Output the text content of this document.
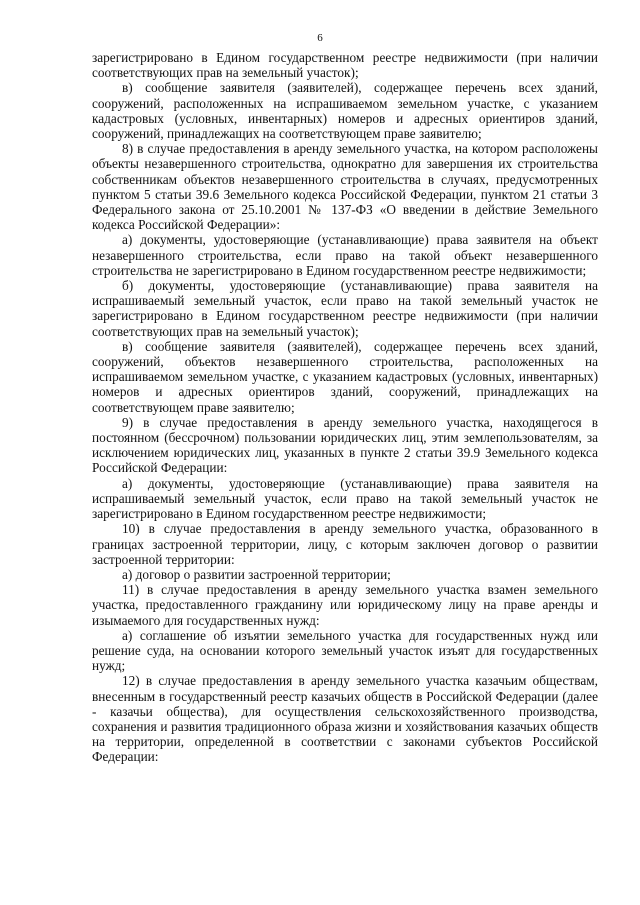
6

зарегистрировано в Едином государственном реестре недвижимости (при наличии соответствующих прав на земельный участок);

в) сообщение заявителя (заявителей), содержащее перечень всех зданий, сооружений, расположенных на испрашиваемом земельном участке, с указанием кадастровых (условных, инвентарных) номеров и адресных ориентиров зданий, сооружений, принадлежащих на соответствующем праве заявителю;

8) в случае предоставления в аренду земельного участка, на котором расположены объекты незавершенного строительства, однократно для завершения их строительства собственникам объектов незавершенного строительства в случаях, предусмотренных пунктом 5 статьи 39.6 Земельного кодекса Российской Федерации, пунктом 21 статьи 3 Федерального закона от 25.10.2001 № 137-ФЗ «О введении в действие Земельного кодекса Российской Федерации»:

а) документы, удостоверяющие (устанавливающие) права заявителя на объект незавершенного строительства, если право на такой объект незавершенного строительства не зарегистрировано в Едином государственном реестре недвижимости;

б) документы, удостоверяющие (устанавливающие) права заявителя на испрашиваемый земельный участок, если право на такой земельный участок не зарегистрировано в Едином государственном реестре недвижимости (при наличии соответствующих прав на земельный участок);

в) сообщение заявителя (заявителей), содержащее перечень всех зданий, сооружений, объектов незавершенного строительства, расположенных на испрашиваемом земельном участке, с указанием кадастровых (условных, инвентарных) номеров и адресных ориентиров зданий, сооружений, принадлежащих на соответствующем праве заявителю;

9) в случае предоставления в аренду земельного участка, находящегося в постоянном (бессрочном) пользовании юридических лиц, этим землепользователям, за исключением юридических лиц, указанных в пункте 2 статьи 39.9 Земельного кодекса Российской Федерации:

а) документы, удостоверяющие (устанавливающие) права заявителя на испрашиваемый земельный участок, если право на такой земельный участок не зарегистрировано в Едином государственном реестре недвижимости;

10) в случае предоставления в аренду земельного участка, образованного в границах застроенной территории, лицу, с которым заключен договор о развитии застроенной территории:

а) договор о развитии застроенной территории;

11) в случае предоставления в аренду земельного участка взамен земельного участка, предоставленного гражданину или юридическому лицу на праве аренды и изымаемого для государственных нужд:

а) соглашение об изъятии земельного участка для государственных нужд или решение суда, на основании которого земельный участок изъят для государственных нужд;

12) в случае предоставления в аренду земельного участка казачьим обществам, внесенным в государственный реестр казачьих обществ в Российской Федерации (далее - казачьи общества), для осуществления сельскохозяйственного производства, сохранения и развития традиционного образа жизни и хозяйствования казачьих обществ на территории, определенной в соответствии с законами субъектов Российской Федерации:
